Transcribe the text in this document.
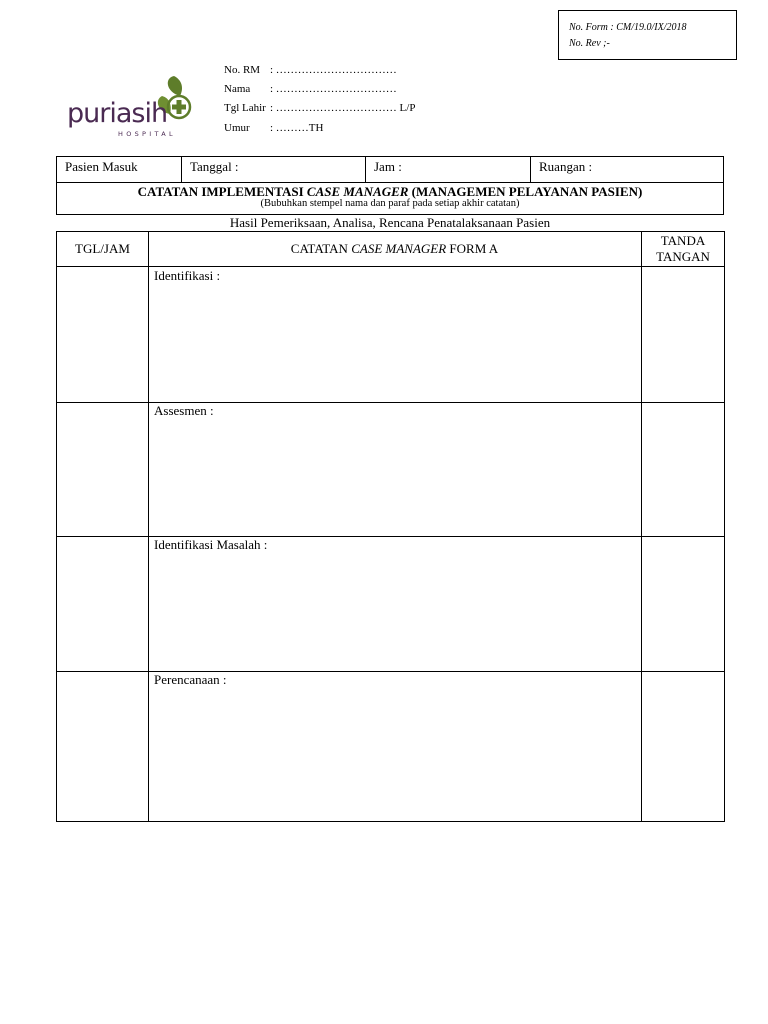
No. Form : CM/19.0/IX/2018
No. Rev ;-
puriasih
HOSPITAL
No. RM : ……………………………
Nama : ……………………………
Tgl Lahir : …………………………… L/P
Umur : ………TH
Pasien Masuk	Tanggal :	Jam :	Ruangan :
CATATAN IMPLEMENTASI CASE MANAGER (MANAGEMEN PELAYANAN PASIEN)
(Bubuhkan stempel nama dan paraf pada setiap akhir catatan)
Hasil Pemeriksaan, Analisa, Rencana Penatalaksanaan Pasien
TGL/JAM	CATATAN CASE MANAGER FORM A
TANDA
TANGAN
Identifikasi :
Assesmen :
Identifikasi Masalah :
Perencanaan :
